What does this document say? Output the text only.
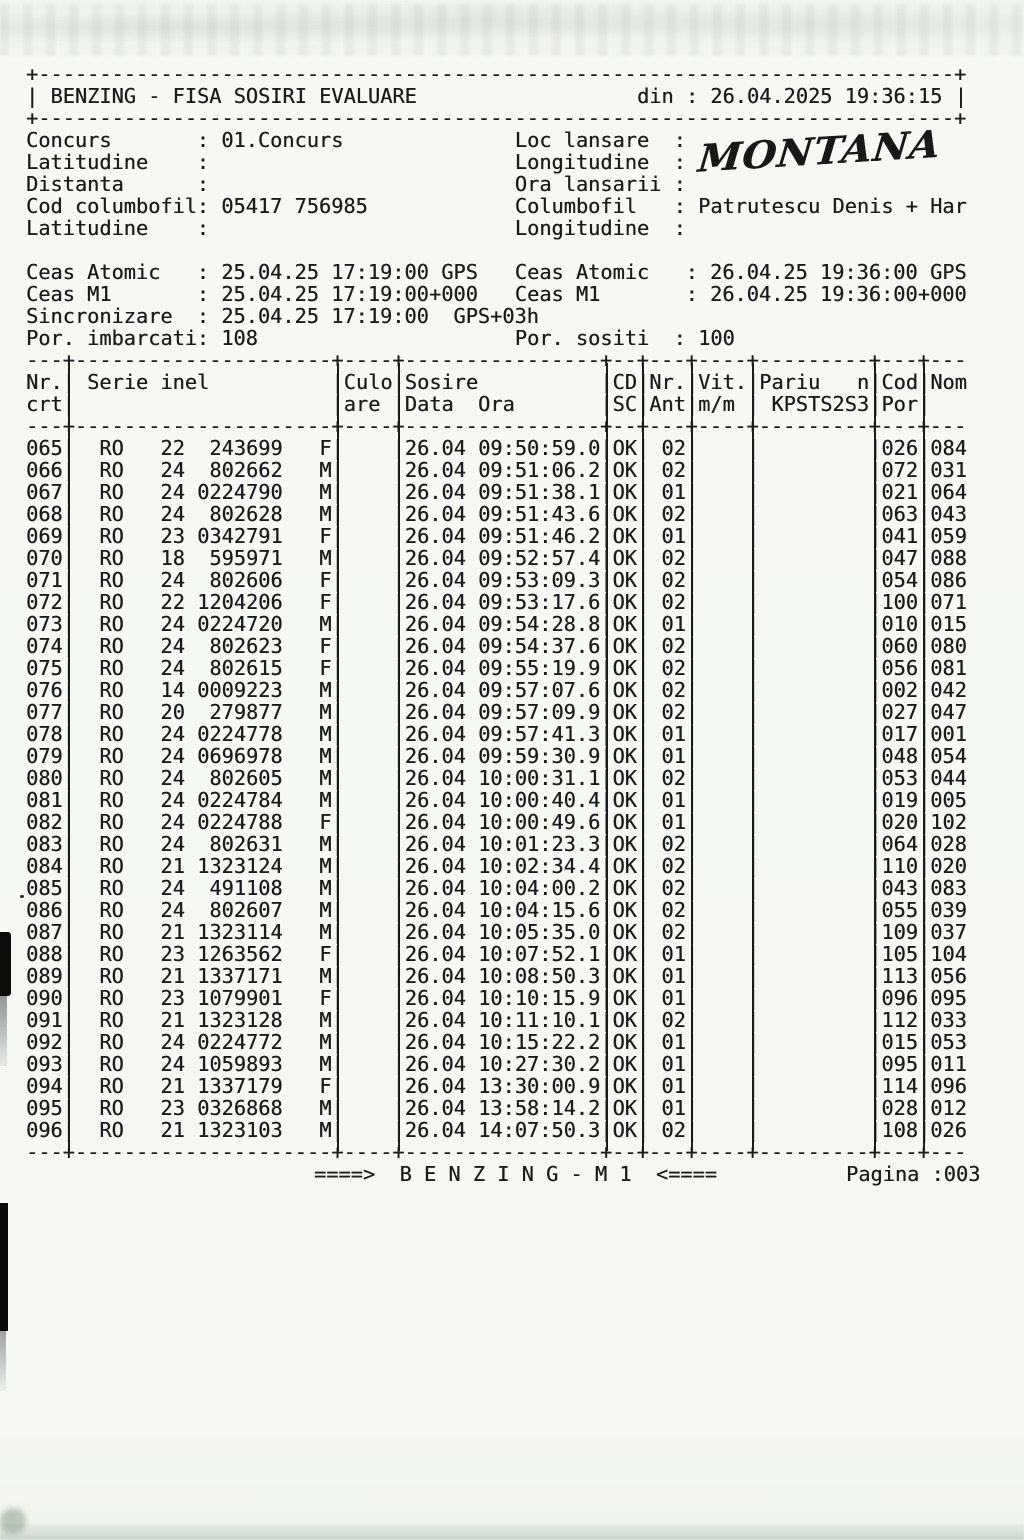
MONTANA
+---------------------------------------------------------------------------+
| BENZING - FISA SOSIRI EVALUARE	din : 26.04.2025 19:36:15 |
+---------------------------------------------------------------------------+
Concurs	: 01.Concurs	Loc lansare :
Latitudine :	Longitudine :
Distanta	:	Ora lansarii :
Cod columbofil: 05417 756985	Columbofil : Patrutescu Denis + Har
Latitudine :	Longitudine :
Ceas Atomic : 25.04.25 17:19:00 GPS Ceas Atomic : 26.04.25 19:36:00 GPS
Ceas M1	: 25.04.25 17:19:00+000 Ceas M1	: 26.04.25 19:36:00+000
Sincronizare : 25.04.25 17:19:00 GPS+03h
Por. imbarcati: 108	Por. sositi : 100
---+---------------------+----+----------------+--+---+----+---------+---+---
Nr.| Serie inel	|Culo|Sosire	|CD|Nr.|Vit.|Pariu   n|Cod|Nom
crt|	|are |Data  Ora	|SC|Ant|m/m | KPSTS2S3|Por|
---+---------------------+----+----------------+--+---+----+---------+---+---
065| RO 22 243699 F| |26.04 09:50:59.0|OK| 02| |	|026|084
066| RO 24 802662 M| |26.04 09:51:06.2|OK| 02| |	|072|031
067| RO 24 0224790 M| |26.04 09:51:38.1|OK| 01| |	|021|064
068| RO 24 802628 M| |26.04 09:51:43.6|OK| 02| |	|063|043
069| RO 23 0342791 F| |26.04 09:51:46.2|OK| 01| |	|041|059
070| RO 18 595971 M| |26.04 09:52:57.4|OK| 02| |	|047|088
071| RO 24 802606 F| |26.04 09:53:09.3|OK| 02| |	|054|086
072| RO 22 1204206 F| |26.04 09:53:17.6|OK| 02| |	|100|071
073| RO 24 0224720 M| |26.04 09:54:28.8|OK| 01| |	|010|015
074| RO 24 802623 F| |26.04 09:54:37.6|OK| 02| |	|060|080
075| RO 24 802615 F| |26.04 09:55:19.9|OK| 02| |	|056|081
076| RO 14 0009223 M| |26.04 09:57:07.6|OK| 02| |	|002|042
077| RO 20 279877 M| |26.04 09:57:09.9|OK| 02| |	|027|047
078| RO 24 0224778 M| |26.04 09:57:41.3|OK| 01| |	|017|001
079| RO 24 0696978 M| |26.04 09:59:30.9|OK| 01| |	|048|054
080| RO 24 802605 M| |26.04 10:00:31.1|OK| 02| |	|053|044
081| RO 24 0224784 M| |26.04 10:00:40.4|OK| 01| |	|019|005
082| RO 24 0224788 F| |26.04 10:00:49.6|OK| 01| |	|020|102
083| RO 24 802631 M| |26.04 10:01:23.3|OK| 02| |	|064|028
084| RO 21 1323124 M| |26.04 10:02:34.4|OK| 02| |	|110|020
085| RO 24 491108 M| |26.04 10:04:00.2|OK| 02| |	|043|083
086| RO 24 802607 M| |26.04 10:04:15.6|OK| 02| |	|055|039
087| RO 21 1323114 M| |26.04 10:05:35.0|OK| 02| |	|109|037
088| RO 23 1263562 F| |26.04 10:07:52.1|OK| 01| |	|105|104
089| RO 21 1337171 M| |26.04 10:08:50.3|OK| 01| |	|113|056
090| RO 23 1079901 F| |26.04 10:10:15.9|OK| 01| |	|096|095
091| RO 21 1323128 M| |26.04 10:11:10.1|OK| 02| |	|112|033
092| RO 24 0224772 M| |26.04 10:15:22.2|OK| 01| |	|015|053
093| RO 24 1059893 M| |26.04 10:27:30.2|OK| 01| |	|095|011
094| RO 21 1337179 F| |26.04 13:30:00.9|OK| 01| |	|114|096
095| RO 23 0326868 M| |26.04 13:58:14.2|OK| 01| |	|028|012
096| RO 21 1323103 M| |26.04 14:07:50.3|OK| 02| |	|108|026
---+---------------------+----+----------------+--+---+----+---------+---+---
====>  B E N Z I N G - M 1  <====	Pagina :003
